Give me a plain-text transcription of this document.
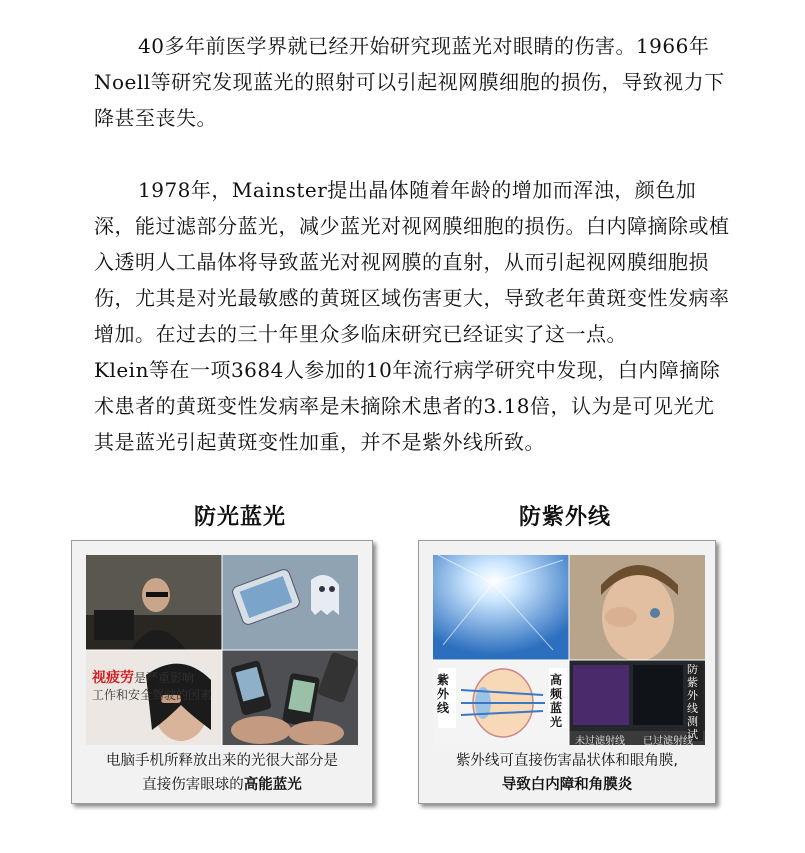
40多年前医学界就已经开始研究现蓝光对眼睛的伤害。1966年Noell等研究发现蓝光的照射可以引起视网膜细胞的损伤，导致视力下降甚至丧失。

1978年，Mainster提出晶体随着年龄的增加而浑浊，颜色加深，能过滤部分蓝光，减少蓝光对视网膜细胞的损伤。白内障摘除或植入透明人工晶体将导致蓝光对视网膜的直射，从而引起视网膜细胞损伤，尤其是对光最敏感的黄斑区域伤害更大，导致老年黄斑变性发病率增加。在过去的三十年里众多临床研究已经证实了这一点。
Klein等在一项3684人参加的10年流行病学研究中发现，白内障摘除术患者的黄斑变性发病率是未摘除术患者的3.18倍，认为是可见光尤其是蓝光引起黄斑变性加重，并不是紫外线所致。
防光蓝光	防紫外线
视疲劳是严重影响
工作和安全驾驶的因素
电脑手机所释放出来的光很大部分是
直接伤害眼球的高能蓝光
紫外线
高频蓝光
防紫外线测试
未过滤射线 已过滤射线
紫外线可直接伤害晶状体和眼角膜,
导致白内障和角膜炎
